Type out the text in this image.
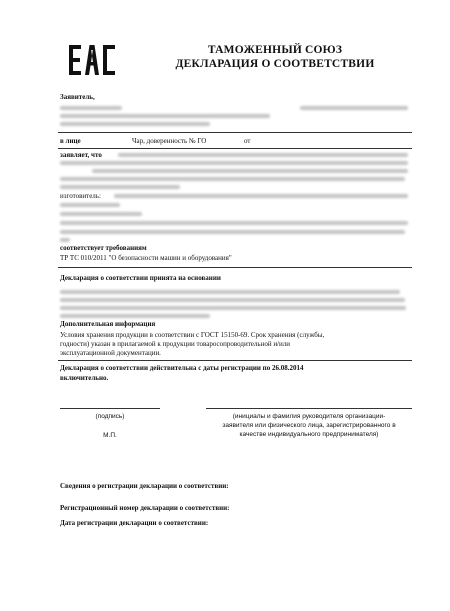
ТАМОЖЕННЫЙ СОЮЗ
ДЕКЛАРАЦИЯ О СООТВЕТСТВИИ
Заявитель,
в лице	Чар, доверенность № ГО	от
заявляет, что
изготовитель:
соответствует требованиям
ТР ТС 010/2011 "О безопасности машин и оборудования"
Декларация о соответствии принята на основании
Дополнительная информация
Условия хранения продукции в соответствии с ГОСТ 15150-69. Срок хранения (службы,
годности) указан в прилагаемой к продукции товаросопроводительной и/или
эксплуатационной документации.
Декларация о соответствии действительна с даты регистрации по 26.08.2014
включительно.
(подпись)
М.П.
(инициалы и фамилия руководителя организации-
заявителя или физического лица, зарегистрированного в
качестве индивидуального предпринимателя)
Сведения о регистрации декларации о соответствии:
Регистрационный номер декларации о соответствии:
Дата регистрации декларации о соответствии:
